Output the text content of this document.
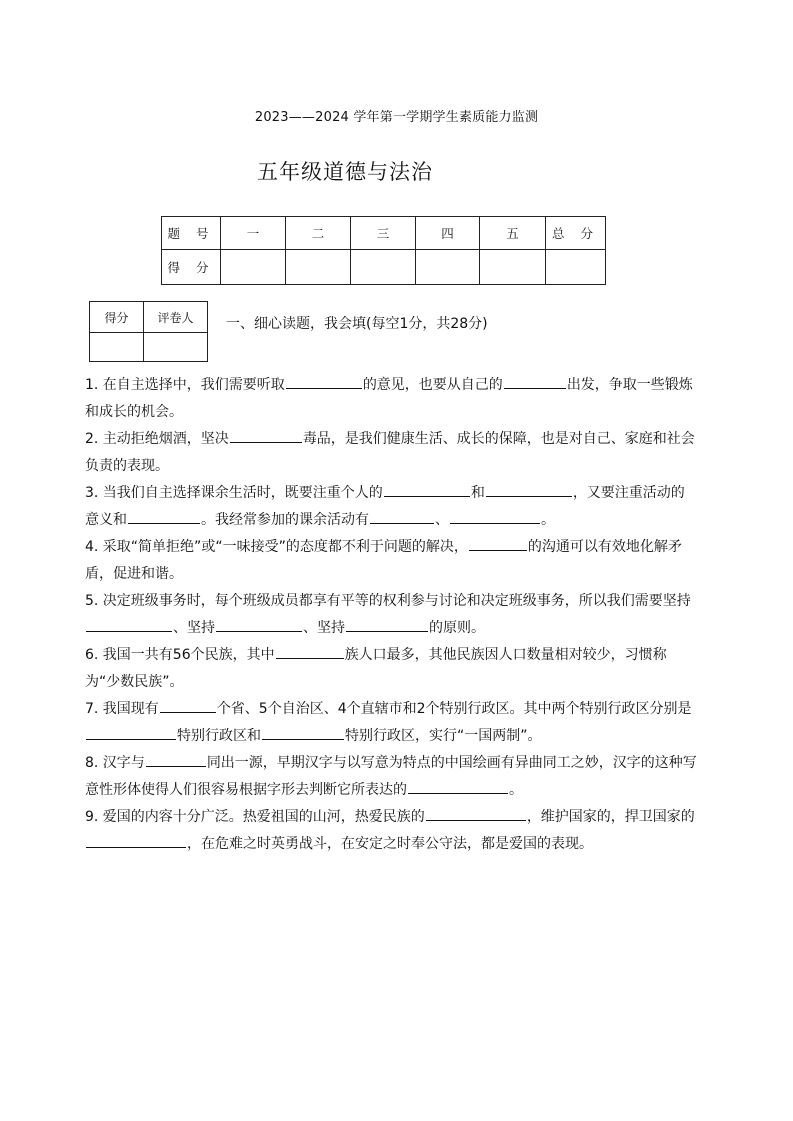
2023——2024 学年第一学期学生素质能力监测
五年级道德与法治
题 号	一	二	三	四	五	总 分
得 分						
得分	评卷人
	一、细心读题，我会填(每空1分，共28分)

1. 在自主选择中，我们需要听取	的意见，也要从自己的	出发，争取一些锻炼和成长的机会。

2. 主动拒绝烟酒，坚决	毒品，是我们健康生活、成长的保障，也是对自己、家庭和社会负责的表现。

3. 当我们自主选择课余生活时，既要注重个人的	和	，又要注重活动的意义和	。我经常参加的课余活动有	、	。

4. 采取“简单拒绝”或“一味接受”的态度都不利于问题的解决，	的沟通可以有效地化解矛盾，促进和谐。

5. 决定班级事务时，每个班级成员都享有平等的权利参与讨论和决定班级事务，所以我们需要坚持、坚持	、坚持	的原则。

6. 我国一共有56个民族，其中	族人口最多，其他民族因人口数量相对较少，习惯称为“少数民族”。

7. 我国现有	个省、5个自治区、4个直辖市和2个特别行政区。其中两个特别行政区分别是特别行政区和	特别行政区，实行“一国两制”。

8. 汉字与	同出一源，早期汉字与以写意为特点的中国绘画有异曲同工之妙，汉字的这种写意性形体使得人们很容易根据字形去判断它所表达的	。

9. 爱国的内容十分广泛。热爱祖国的山河，热爱民族的	，维护国家的，捍卫国家的，在危难之时英勇战斗，在安定之时奉公守法，都是爱国的表现。
